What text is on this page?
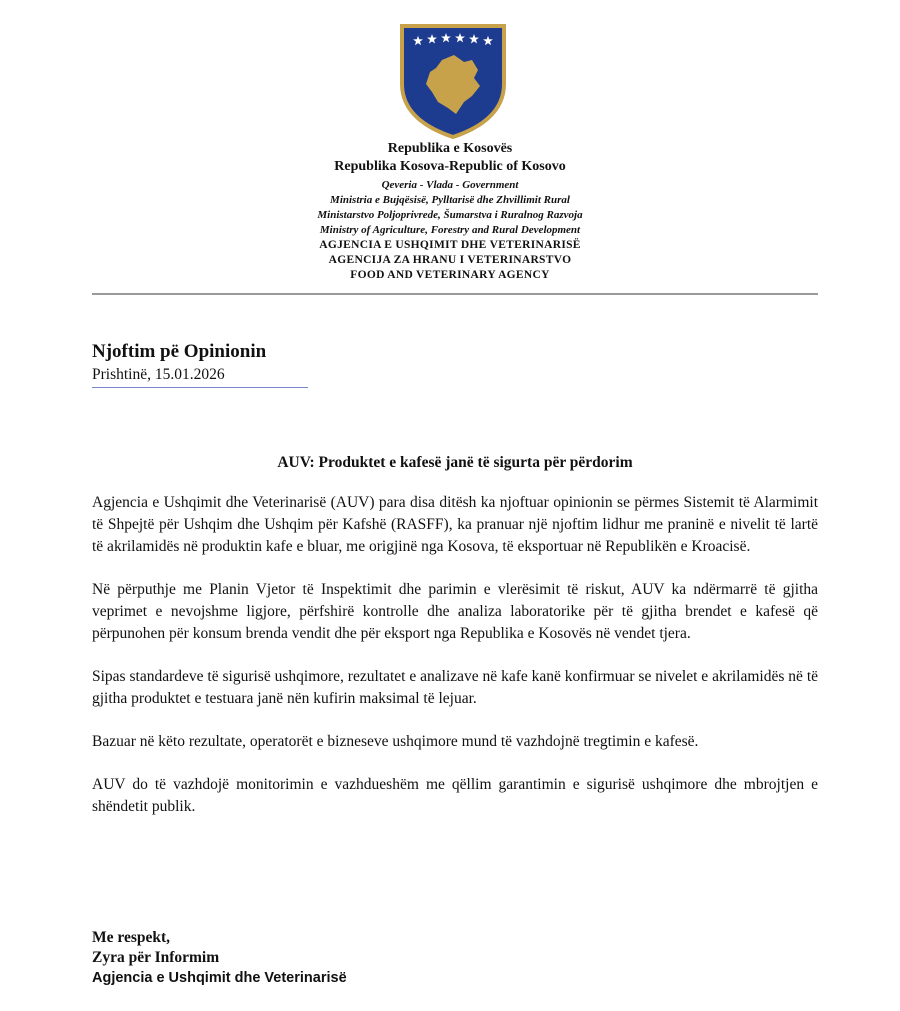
Republika e Kosovës
Republika Kosova-Republic of Kosovo
Qeveria - Vlada - Government
Ministria e Bujqësisë, Pylltarisë dhe Zhvillimit Rural
Ministarstvo Poljoprivrede, Šumarstva i Ruralnog Razvoja
Ministry of Agriculture, Forestry and Rural Development
AGJENCIA E USHQIMIT DHE VETERINARISË
AGENCIJA ZA HRANU I VETERINARSTVO
FOOD AND VETERINARY AGENCY
Njoftim pë Opinionin
Prishtinë, 15.01.2026
AUV: Produktet e kafesë janë të sigurta për përdorim

Agjencia e Ushqimit dhe Veterinarisë (AUV) para disa ditësh ka njoftuar opinionin se përmes Sistemit të Alarmimit të Shpejtë për Ushqim dhe Ushqim për Kafshë (RASFF), ka pranuar një njoftim lidhur me praninë e nivelit të lartë të akrilamidës në produktin kafe e bluar, me origjinë nga Kosova, të eksportuar në Republikën e Kroacisë.

Në përputhje me Planin Vjetor të Inspektimit dhe parimin e vlerësimit të riskut, AUV ka ndërmarrë të gjitha veprimet e nevojshme ligjore, përfshirë kontrolle dhe analiza laboratorike për të gjitha brendet e kafesë që përpunohen për konsum brenda vendit dhe për eksport nga Republika e Kosovës në vendet tjera.

Sipas standardeve të sigurisë ushqimore, rezultatet e analizave në kafe kanë konfirmuar se nivelet e akrilamidës në të gjitha produktet e testuara janë nën kufirin maksimal të lejuar.

Bazuar në këto rezultate, operatorët e bizneseve ushqimore mund të vazhdojnë tregtimin e kafesë.

AUV do të vazhdojë monitorimin e vazhdueshëm me qëllim garantimin e sigurisë ushqimore dhe mbrojtjen e shëndetit publik.

Me respekt,
Zyra për Informim
Agjencia e Ushqimit dhe Veterinarisë
